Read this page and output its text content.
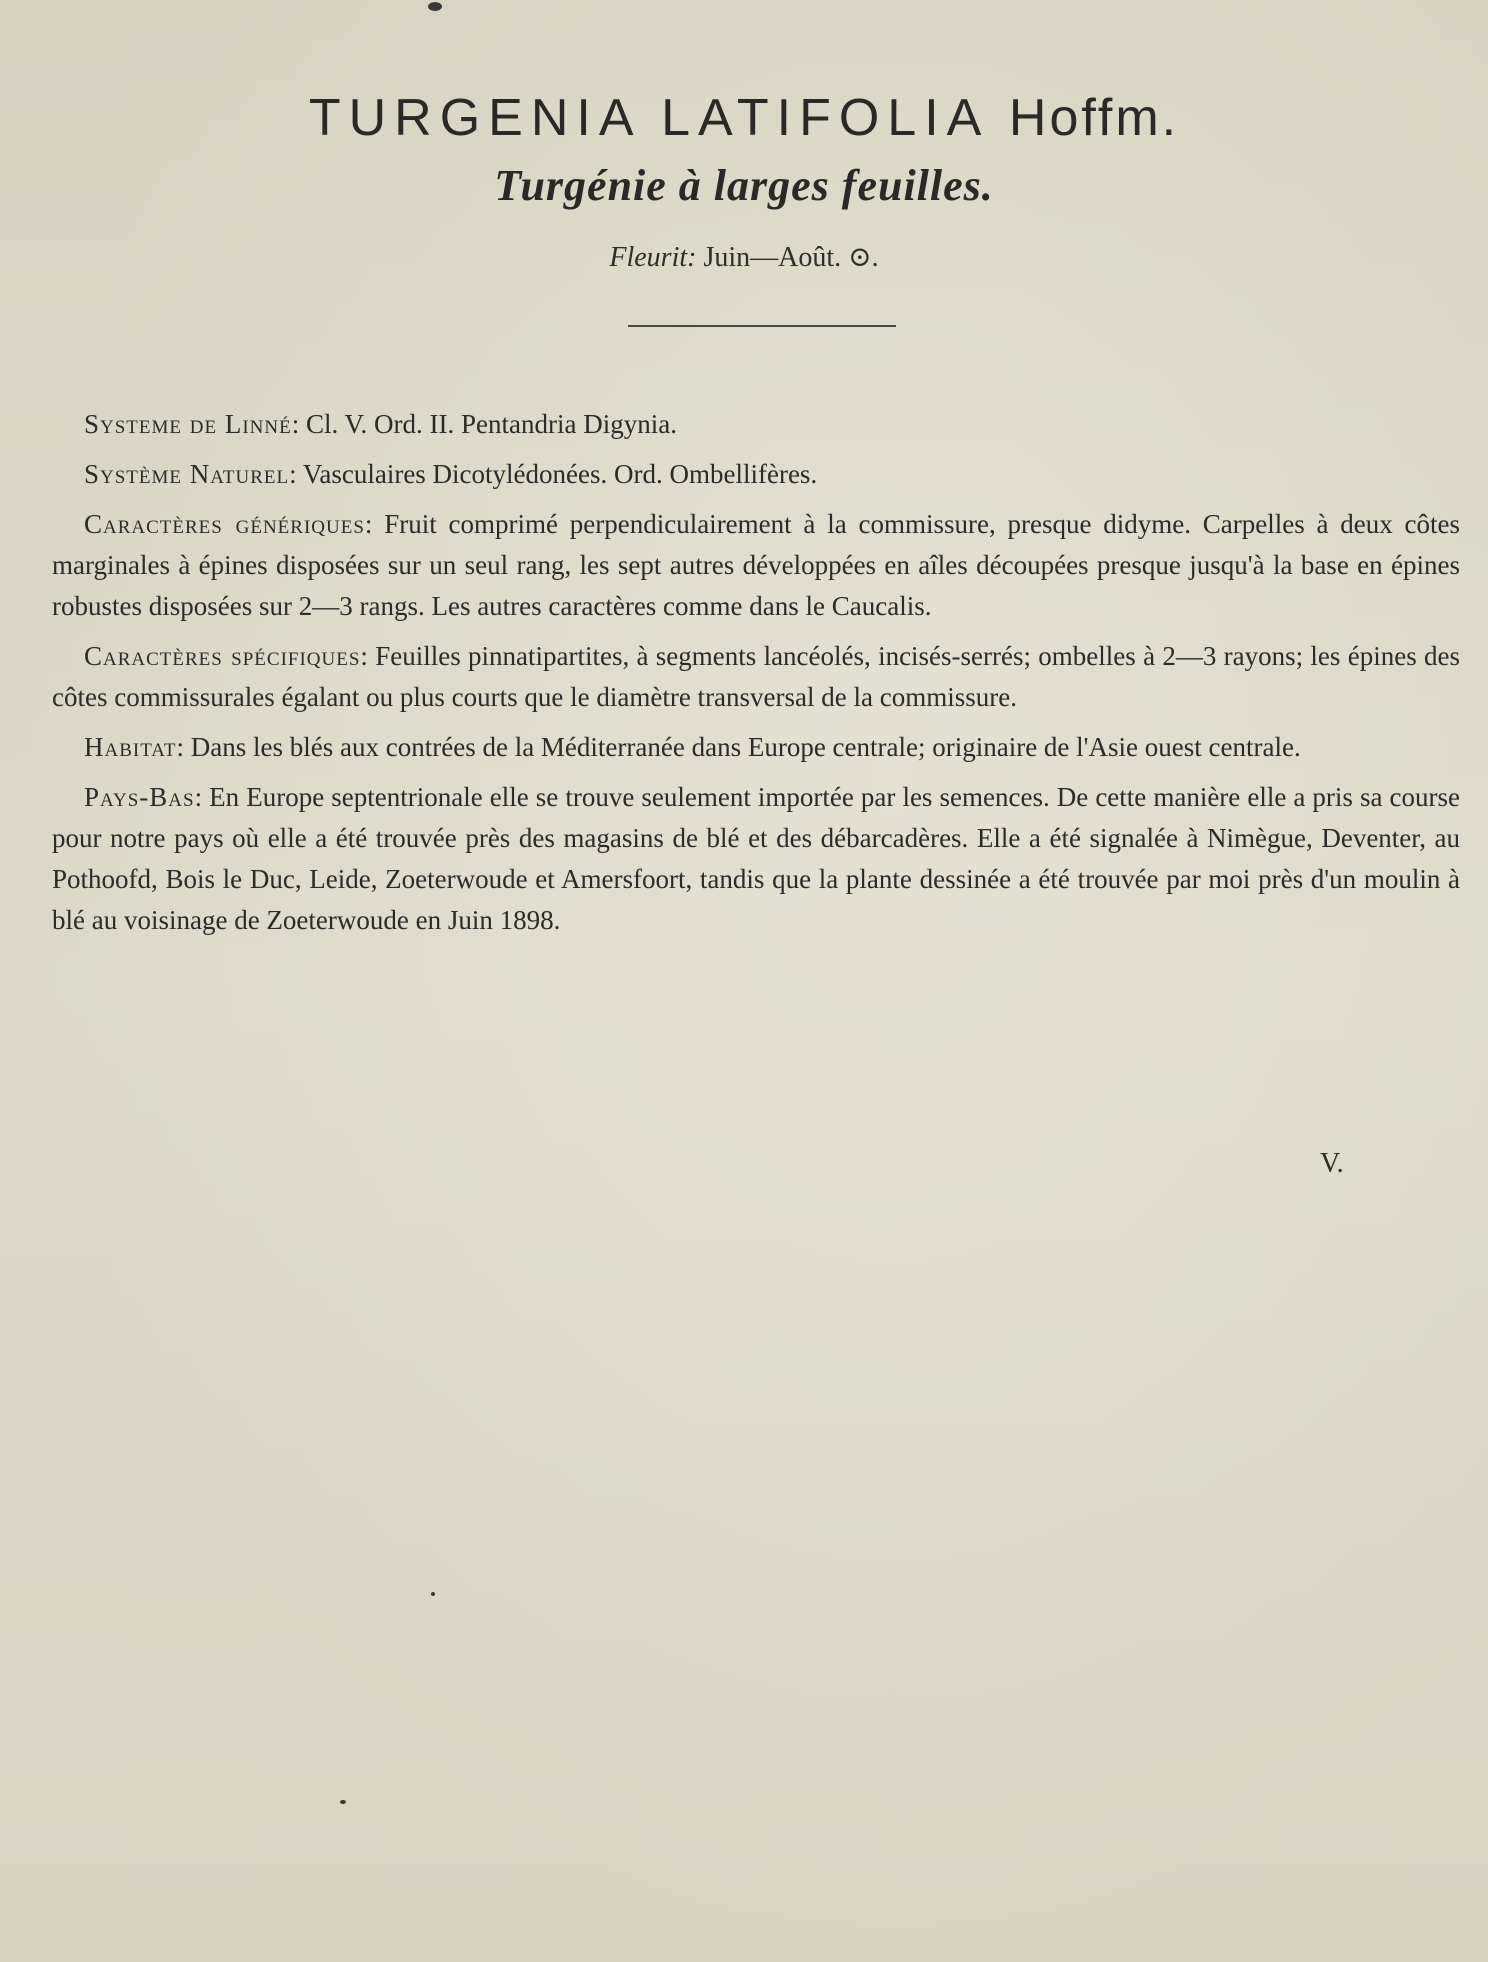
TURGENIA LATIFOLIA Hoffm.
Turgénie à larges feuilles.
Fleurit: Juin—Août. ⊙.

Systeme de Linné: Cl. V. Ord. II. Pentandria Digynia.

Système Naturel: Vasculaires Dicotylédonées. Ord. Ombellifères.

Caractères génériques: Fruit comprimé perpendiculairement à la commissure, presque didyme. Carpelles à deux côtes marginales à épines disposées sur un seul rang, les sept autres développées en aîles découpées presque jusqu'à la base en épines robustes disposées sur 2—3 rangs. Les autres caractères comme dans le Caucalis.

Caractères spécifiques: Feuilles pinnatipartites, à segments lancéolés, incisés-serrés; ombelles à 2—3 rayons; les épines des côtes commissurales égalant ou plus courts que le diamètre transversal de la commissure.

Habitat: Dans les blés aux contrées de la Méditerranée dans Europe centrale; originaire de l'Asie ouest centrale.

Pays-Bas: En Europe septentrionale elle se trouve seulement importée par les semences. De cette manière elle a pris sa course pour notre pays où elle a été trouvée près des magasins de blé et des débarcadères. Elle a été signalée à Nimègue, Deventer, au Pothoofd, Bois le Duc, Leide, Zoeterwoude et Amersfoort, tandis que la plante dessinée a été trouvée par moi près d'un moulin à blé au voisinage de Zoeterwoude en Juin 1898.

V.
